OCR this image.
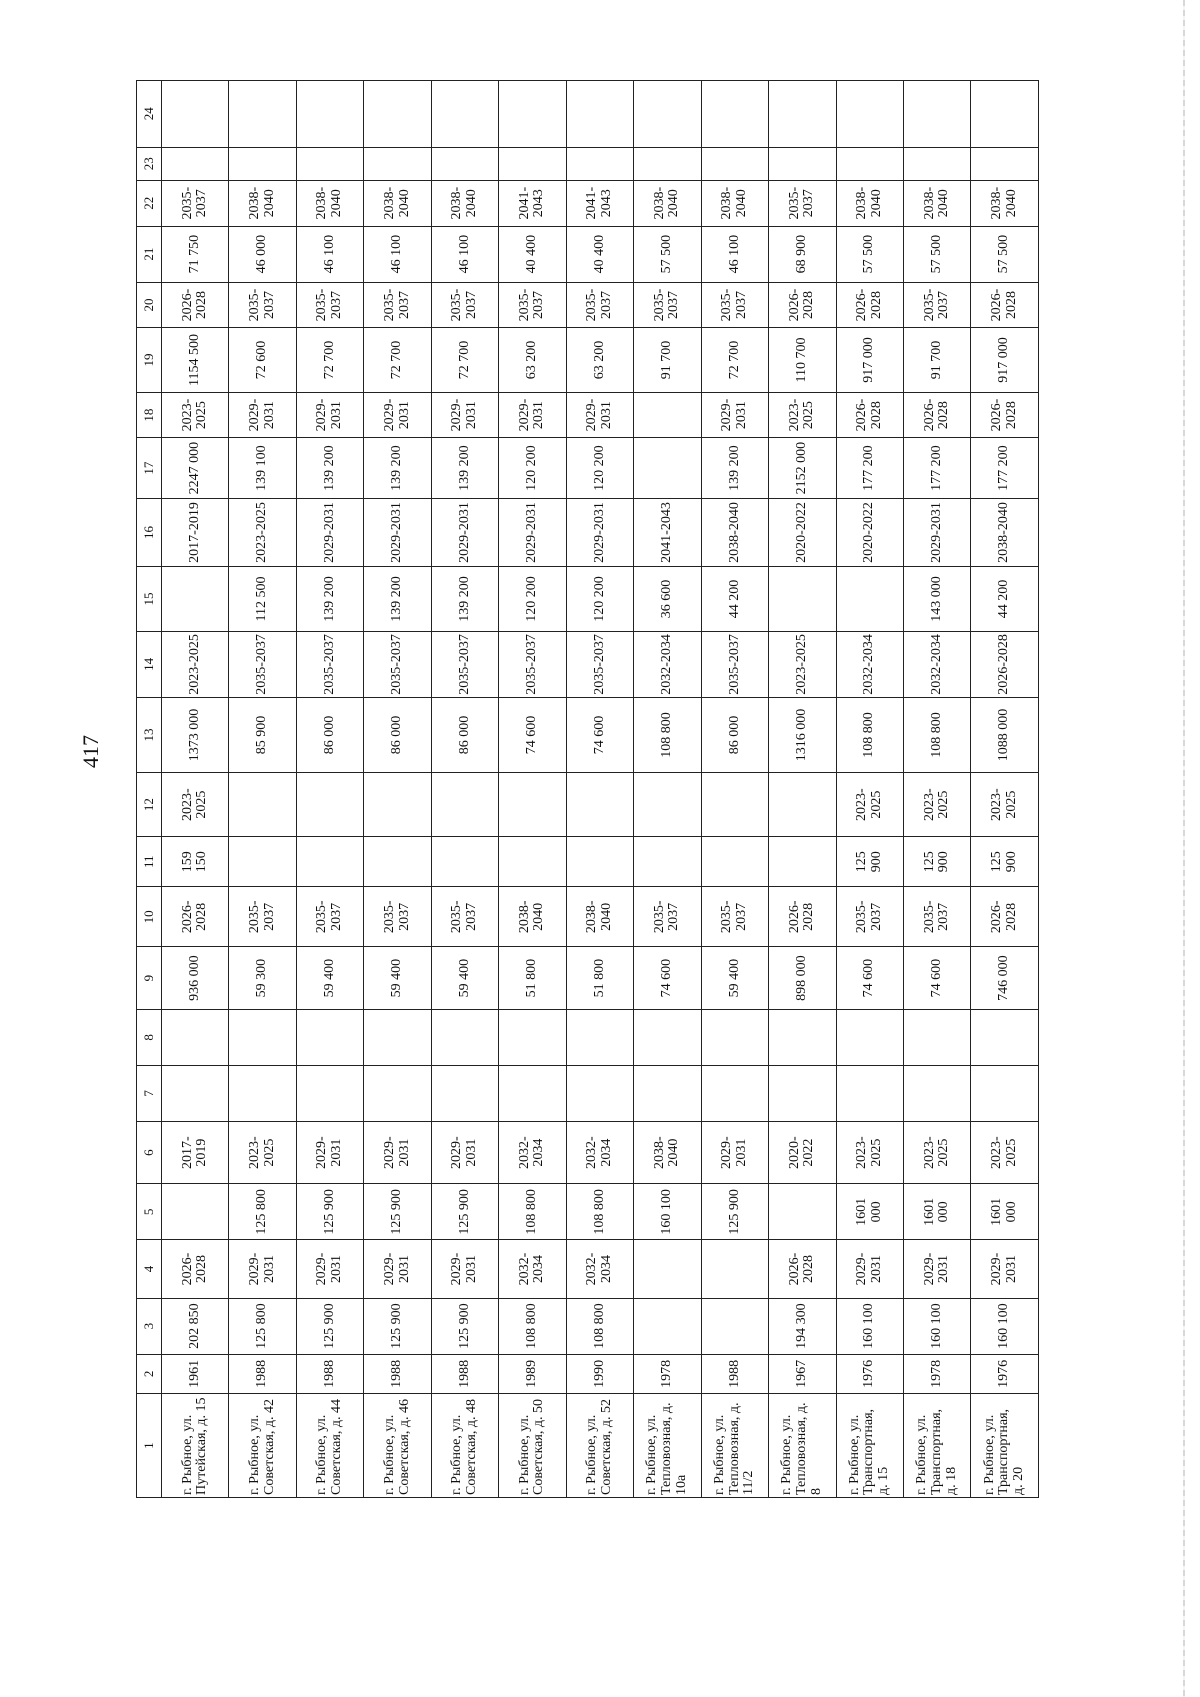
417
1	2	3	4	5	6	7	8	9	10	11	12	13	14	15	16	17	18	19	20	21	22	23	24
г. Рыбное, ул. Путейская, д. 15	1961	202 850	2026-2028		2017-2019			936 000	2026-2028	159 150	2023-2025	1373 000	2023-2025		2017-2019	2247 000	2023-2025	1154 500	2026-2028	71 750	2035-2037		
г. Рыбное, ул. Советская, д. 42	1988	125 800	2029-2031	125 800	2023-2025			59 300	2035-2037			85 900	2035-2037	112 500	2023-2025	139 100	2029-2031	72 600	2035-2037	46 000	2038-2040		
г. Рыбное, ул. Советская, д. 44	1988	125 900	2029-2031	125 900	2029-2031			59 400	2035-2037			86 000	2035-2037	139 200	2029-2031	139 200	2029-2031	72 700	2035-2037	46 100	2038-2040		
г. Рыбное, ул. Советская, д. 46	1988	125 900	2029-2031	125 900	2029-2031			59 400	2035-2037			86 000	2035-2037	139 200	2029-2031	139 200	2029-2031	72 700	2035-2037	46 100	2038-2040		
г. Рыбное, ул. Советская, д. 48	1988	125 900	2029-2031	125 900	2029-2031			59 400	2035-2037			86 000	2035-2037	139 200	2029-2031	139 200	2029-2031	72 700	2035-2037	46 100	2038-2040		
г. Рыбное, ул. Советская, д. 50	1989	108 800	2032-2034	108 800	2032-2034			51 800	2038-2040			74 600	2035-2037	120 200	2029-2031	120 200	2029-2031	63 200	2035-2037	40 400	2041-2043		
г. Рыбное, ул. Советская, д. 52	1990	108 800	2032-2034	108 800	2032-2034			51 800	2038-2040			74 600	2035-2037	120 200	2029-2031	120 200	2029-2031	63 200	2035-2037	40 400	2041-2043		
г. Рыбное, ул. Тепловозная, д. 10а	1978			160 100	2038-2040			74 600	2035-2037			108 800	2032-2034	36 600	2041-2043			91 700	2035-2037	57 500	2038-2040		
г. Рыбное, ул. Тепловозная, д. 11/2	1988			125 900	2029-2031			59 400	2035-2037			86 000	2035-2037	44 200	2038-2040	139 200	2029-2031	72 700	2035-2037	46 100	2038-2040		
г. Рыбное, ул. Тепловозная, д. 8	1967	194 300	2026-2028		2020-2022			898 000	2026-2028			1316 000	2023-2025		2020-2022	2152 000	2023-2025	110 700	2026-2028	68 900	2035-2037		
г. Рыбное, ул. Транспортная, д. 15	1976	160 100	2029-2031	1601 000	2023-2025			74 600	2035-2037	125 900	2023-2025	108 800	2032-2034		2020-2022	177 200	2026-2028	917 000	2026-2028	57 500	2038-2040		
г. Рыбное, ул. Транспортная, д. 18	1978	160 100	2029-2031	1601 000	2023-2025			74 600	2035-2037	125 900	2023-2025	108 800	2032-2034	143 000	2029-2031	177 200	2026-2028	91 700	2035-2037	57 500	2038-2040		
г. Рыбное, ул. Транспортная, д. 20	1976	160 100	2029-2031	1601 000	2023-2025			746 000	2026-2028	125 900	2023-2025	1088 000	2026-2028	44 200	2038-2040	177 200	2026-2028	917 000	2026-2028	57 500	2038-2040		
